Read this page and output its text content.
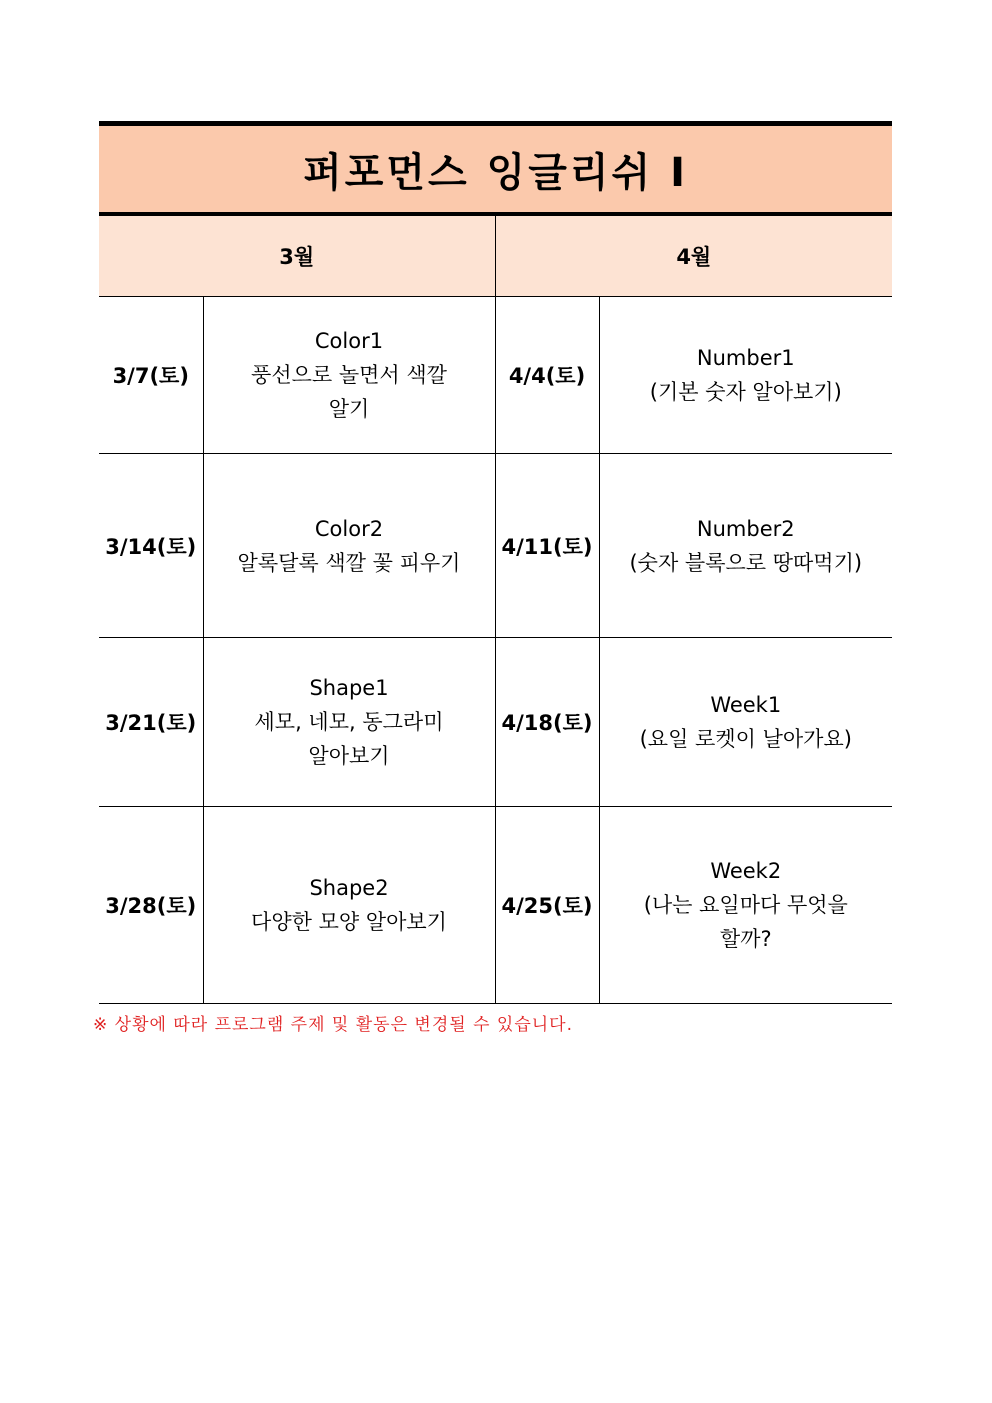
퍼포먼스 잉글리쉬 I			
3월		4월	
3/7(토)	Color1
풍선으로 놀면서 색깔
알기	4/4(토)	Number1
(기본 숫자 알아보기)

3/14(토)	Color2
알록달록 색깔 꽃 피우기	4/11(토)	Number2
(숫자 블록으로 땅따먹기)

3/21(토)	Shape1
세모, 네모, 동그라미
알아보기	4/18(토)	Week1
(요일 로켓이 날아가요)

3/28(토)	Shape2
다양한 모양 알아보기	4/25(토)	Week2
(나는 요일마다 무엇을
할까?
※ 상황에 따라 프로그램 주제 및 활동은 변경될 수 있습니다.
